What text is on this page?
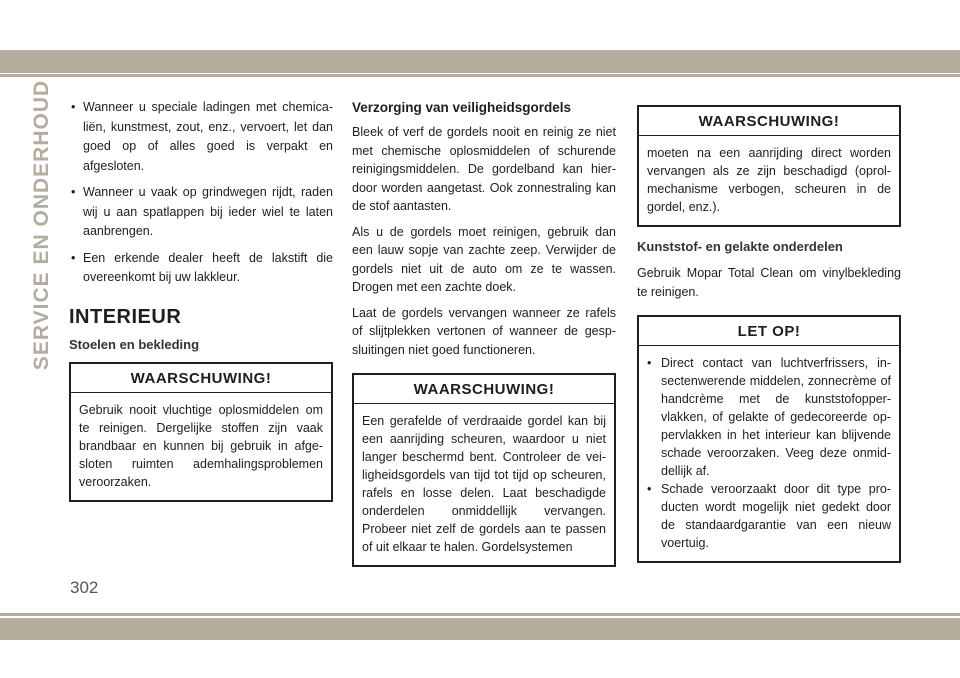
SERVICE EN ONDERHOUD
•	Wanneer u speciale ladingen met chemicaliën, kunstmest, zout, enz., vervoert, let dan goed op of alles goed is verpakt en afgesloten.
• Wanneer u vaak op grindwegen rijdt, raden wij u aan spatlappen bij ieder wiel te laten aanbrengen.
• Een erkende dealer heeft de lakstift die overeenkomt bij uw lakkleur.
INTERIEUR
Stoelen en bekleding
WAARSCHUWING!
Gebruik nooit vluchtige oplosmiddelen om te reinigen. Dergelijke stoffen zijn vaak brandbaar en kunnen bij gebruik in afgesloten ruimten ademhalingsproblemen veroorzaken.
Verzorging van veiligheidsgordels

Bleek of verf de gordels nooit en reinig ze niet met chemische oplosmiddelen of schurende reinigingsmiddelen. De gordelband kan hierdoor worden aangetast. Ook zonnestraling kan de stof aantasten.

Als u de gordels moet reinigen, gebruik dan een lauw sopje van zachte zeep. Verwijder de gordels niet uit de auto om ze te wassen. Drogen met een zachte doek.

Laat de gordels vervangen wanneer ze rafels of slijtplekken vertonen of wanneer de gespsluitingen niet goed functioneren.

WAARSCHUWING!
Een gerafelde of verdraaide gordel kan bij een aanrijding scheuren, waardoor u niet langer beschermd bent. Controleer de veiligheidsgordels van tijd tot tijd op scheuren, rafels en losse delen. Laat beschadigde onderdelen onmiddellijk vervangen. Probeer niet zelf de gordels aan te passen of uit elkaar te halen. Gordelsystemen
WAARSCHUWING!
moeten na een aanrijding direct worden vervangen als ze zijn beschadigd (oprolmechanisme verbogen, scheuren in de gordel, enz.).
Kunststof- en gelakte onderdelen

Gebruik Mopar Total Clean om vinylbekleding te reinigen.

LET OP!
• Direct contact van luchtverfrissers, insectenwerende middelen, zonnecrème of handcrème met de kunststofoppervlakken, of gelakte of gedecoreerde oppervlakken in het interieur kan blijvende schade veroorzaken. Veeg deze onmiddellijk af.
• Schade veroorzaakt door dit type producten wordt mogelijk niet gedekt door de standaardgarantie van een nieuw voertuig.
302
